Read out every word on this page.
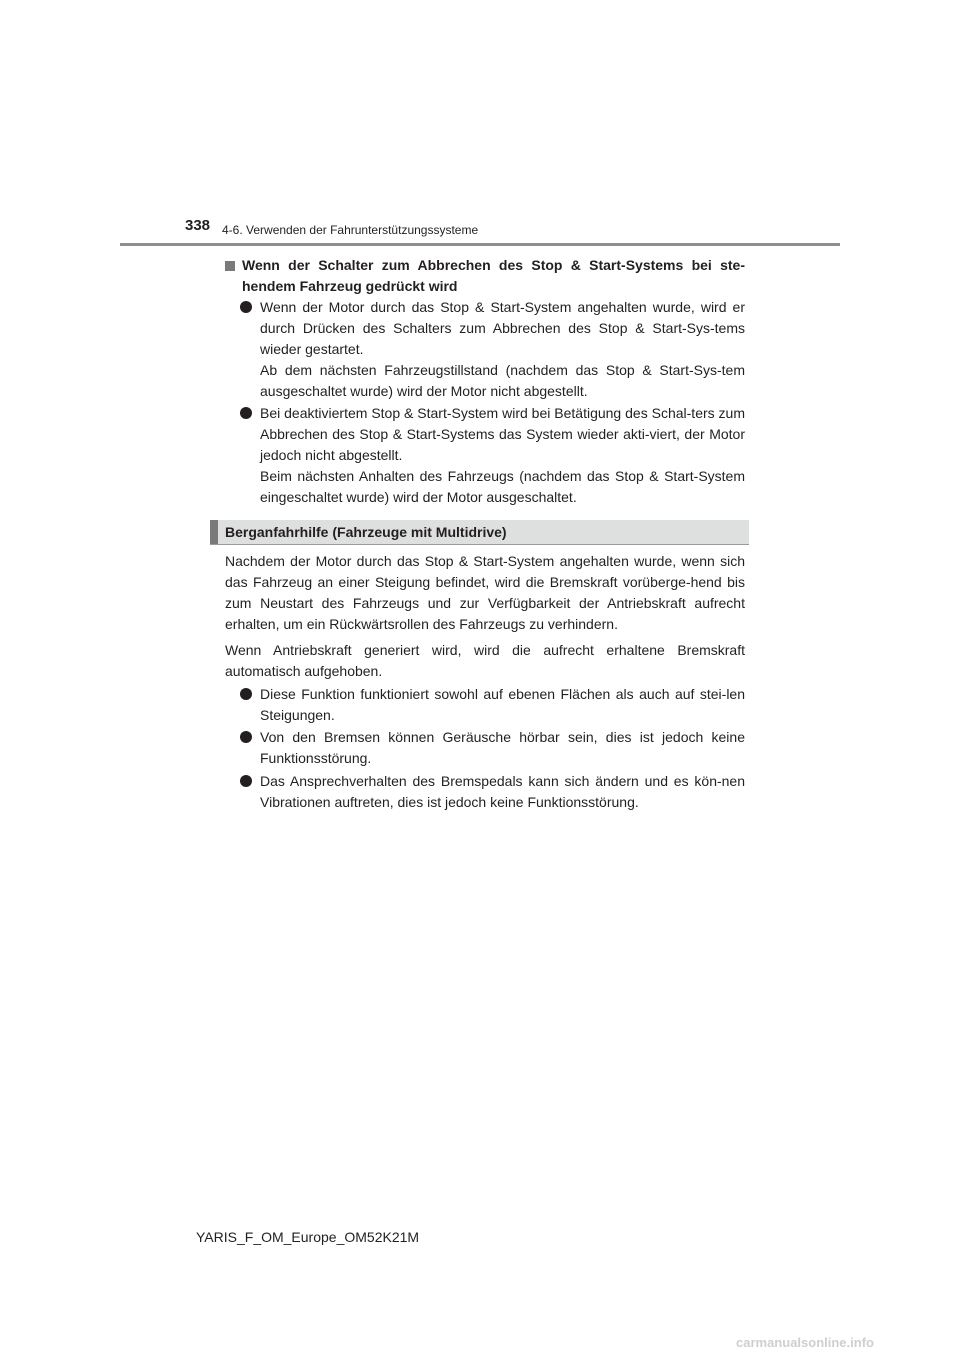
338 4-6. Verwenden der Fahrunterstützungssysteme
Wenn der Schalter zum Abbrechen des Stop & Start-Systems bei ste-hendem Fahrzeug gedrückt wird

Wenn der Motor durch das Stop & Start-System angehalten wurde, wird er durch Drücken des Schalters zum Abbrechen des Stop & Start-Sys-tems wieder gestartet.

Ab dem nächsten Fahrzeugstillstand (nachdem das Stop & Start-Sys-tem ausgeschaltet wurde) wird der Motor nicht abgestellt.

Bei deaktiviertem Stop & Start-System wird bei Betätigung des Schal-ters zum Abbrechen des Stop & Start-Systems das System wieder akti-viert, der Motor jedoch nicht abgestellt.

Beim nächsten Anhalten des Fahrzeugs (nachdem das Stop & Start-System eingeschaltet wurde) wird der Motor ausgeschaltet.

Berganfahrhilfe (Fahrzeuge mit Multidrive)

Nachdem der Motor durch das Stop & Start-System angehalten wurde, wenn sich das Fahrzeug an einer Steigung befindet, wird die Bremskraft vorüberge-hend bis zum Neustart des Fahrzeugs und zur Verfügbarkeit der Antriebskraft aufrecht erhalten, um ein Rückwärtsrollen des Fahrzeugs zu verhindern.

Wenn Antriebskraft generiert wird, wird die aufrecht erhaltene Bremskraft automatisch aufgehoben.

Diese Funktion funktioniert sowohl auf ebenen Flächen als auch auf stei-len Steigungen.

Von den Bremsen können Geräusche hörbar sein, dies ist jedoch keine Funktionsstörung.

Das Ansprechverhalten des Bremspedals kann sich ändern und es kön-nen Vibrationen auftreten, dies ist jedoch keine Funktionsstörung.

YARIS_F_OM_Europe_OM52K21M
carmanualsonline.info
